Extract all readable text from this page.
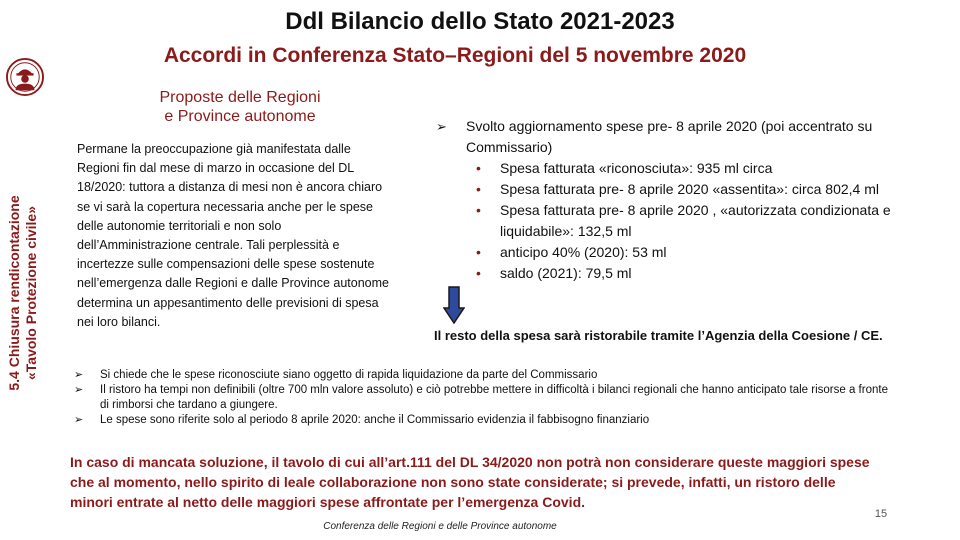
Ddl Bilancio dello Stato 2021-2023
Accordi in Conferenza Stato–Regioni del 5 novembre 2020
5.4 Chiusura rendicontazione «Tavolo Protezione civile»
Proposte delle Regioni
e Province autonome
Permane la preoccupazione già manifestata dalle Regioni fin dal mese di marzo in occasione del DL 18/2020: tuttora a distanza di mesi non è ancora chiaro se vi sarà la copertura necessaria anche per le spese delle autonomie territoriali e non solo dell’Amministrazione centrale. Tali perplessità e incertezze sulle compensazioni delle spese sostenute nell’emergenza dalle Regioni e dalle Province autonome determina un appesantimento delle previsioni di spesa nei loro bilanci.
➢ Svolto aggiornamento spese pre- 8 aprile 2020 (poi accentrato su Commissario)
• Spesa fatturata «riconosciuta»: 935 ml circa
• Spesa fatturata pre- 8 aprile 2020 «assentita»: circa 802,4 ml
• Spesa fatturata pre- 8 aprile 2020 , «autorizzata condizionata e liquidabile»: 132,5 ml
• anticipo 40% (2020): 53 ml
• saldo (2021): 79,5 ml
Il resto della spesa sarà ristorabile tramite l’Agenzia della Coesione / CE.
➢ Si chiede che le spese riconosciute siano oggetto di rapida liquidazione da parte del Commissario
➢ Il ristoro ha tempi non definibili (oltre 700 mln valore assoluto) e ciò potrebbe mettere in difficoltà i bilanci regionali che hanno anticipato tale risorse a fronte di rimborsi che tardano a giungere.
➢ Le spese sono riferite solo al periodo 8 aprile 2020: anche il Commissario evidenzia il fabbisogno finanziario
In caso di mancata soluzione, il tavolo di cui all’art.111 del DL 34/2020 non potrà non considerare queste maggiori spese che al momento, nello spirito di leale collaborazione non sono state considerate; si prevede, infatti, un ristoro delle minori entrate al netto delle maggiori spese affrontate per l’emergenza Covid.
Conferenza delle Regioni e delle Province autonome
15
